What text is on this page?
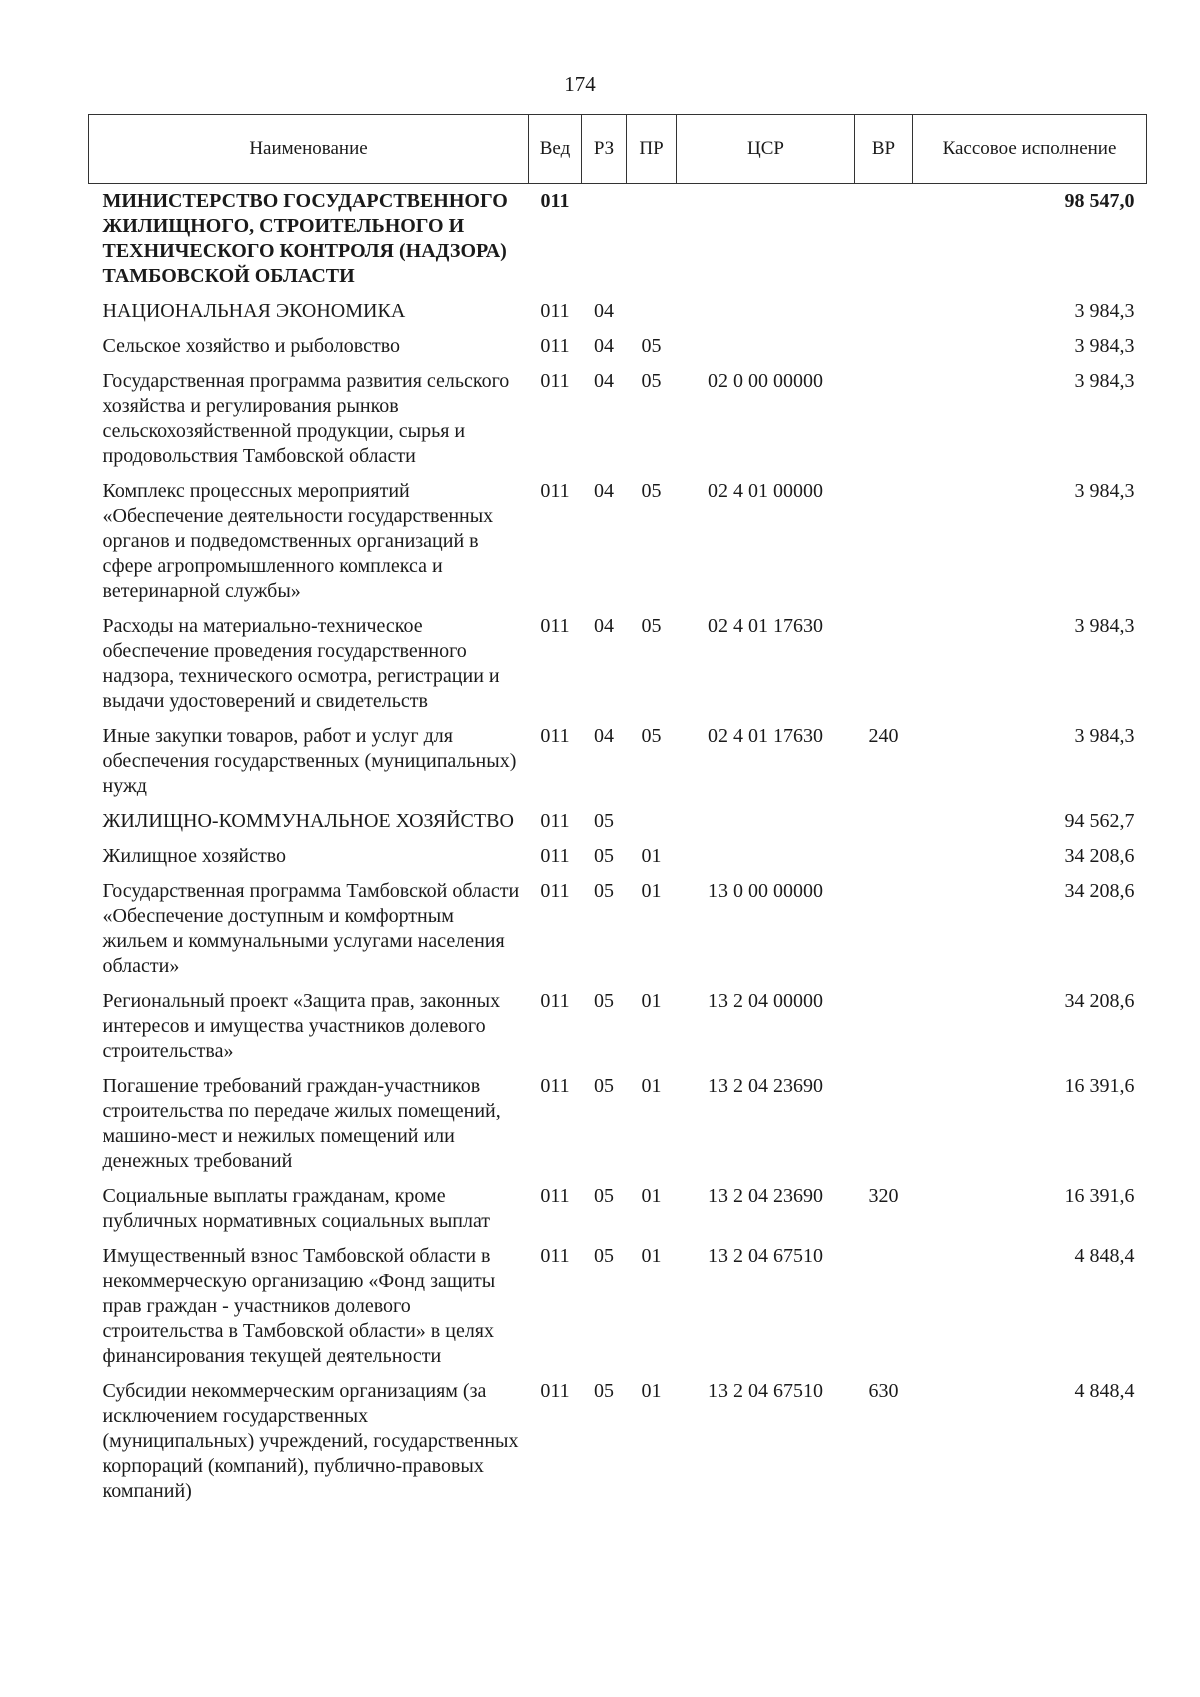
174
Наименование	Вед	РЗ	ПР	ЦСР	ВР	Кассовое исполнение
МИНИСТЕРСТВО ГОСУДАРСТВЕННОГО ЖИЛИЩНОГО, СТРОИТЕЛЬНОГО И ТЕХНИЧЕСКОГО КОНТРОЛЯ (НАДЗОРА) ТАМБОВСКОЙ ОБЛАСТИ	011					98 547,0
НАЦИОНАЛЬНАЯ ЭКОНОМИКА	011	04				3 984,3
Сельское хозяйство и рыболовство	011	04	05			3 984,3
Государственная программа развития сельского хозяйства и регулирования рынков сельскохозяйственной продукции, сырья и продовольствия Тамбовской области	011	04	05	02 0 00 00000		3 984,3
Комплекс процессных мероприятий «Обеспечение деятельности государственных органов и подведомственных организаций в сфере агропромышленного комплекса и ветеринарной службы»	011	04	05	02 4 01 00000		3 984,3
Расходы на материально-техническое обеспечение проведения государственного надзора, технического осмотра, регистрации и выдачи удостоверений и свидетельств	011	04	05	02 4 01 17630		3 984,3
Иные закупки товаров, работ и услуг для обеспечения государственных (муниципальных) нужд	011	04	05	02 4 01 17630	240	3 984,3
ЖИЛИЩНО-КОММУНАЛЬНОЕ ХОЗЯЙСТВО	011	05				94 562,7
Жилищное хозяйство	011	05	01			34 208,6
Государственная программа Тамбовской области «Обеспечение доступным и комфортным жильем и коммунальными услугами населения области»	011	05	01	13 0 00 00000		34 208,6
Региональный проект «Защита прав, законных интересов и имущества участников долевого строительства»	011	05	01	13 2 04 00000		34 208,6
Погашение требований граждан-участников строительства по передаче жилых помещений, машино-мест и нежилых помещений или денежных требований	011	05	01	13 2 04 23690		16 391,6
Социальные выплаты гражданам, кроме публичных нормативных социальных выплат	011	05	01	13 2 04 23690	320	16 391,6
Имущественный взнос Тамбовской области в некоммерческую организацию «Фонд защиты прав граждан - участников долевого строительства в Тамбовской области» в целях финансирования текущей деятельности	011	05	01	13 2 04 67510		4 848,4
Субсидии некоммерческим организациям (за исключением государственных (муниципальных) учреждений, государственных корпораций (компаний), публично-правовых компаний)	011	05	01	13 2 04 67510	630	4 848,4
